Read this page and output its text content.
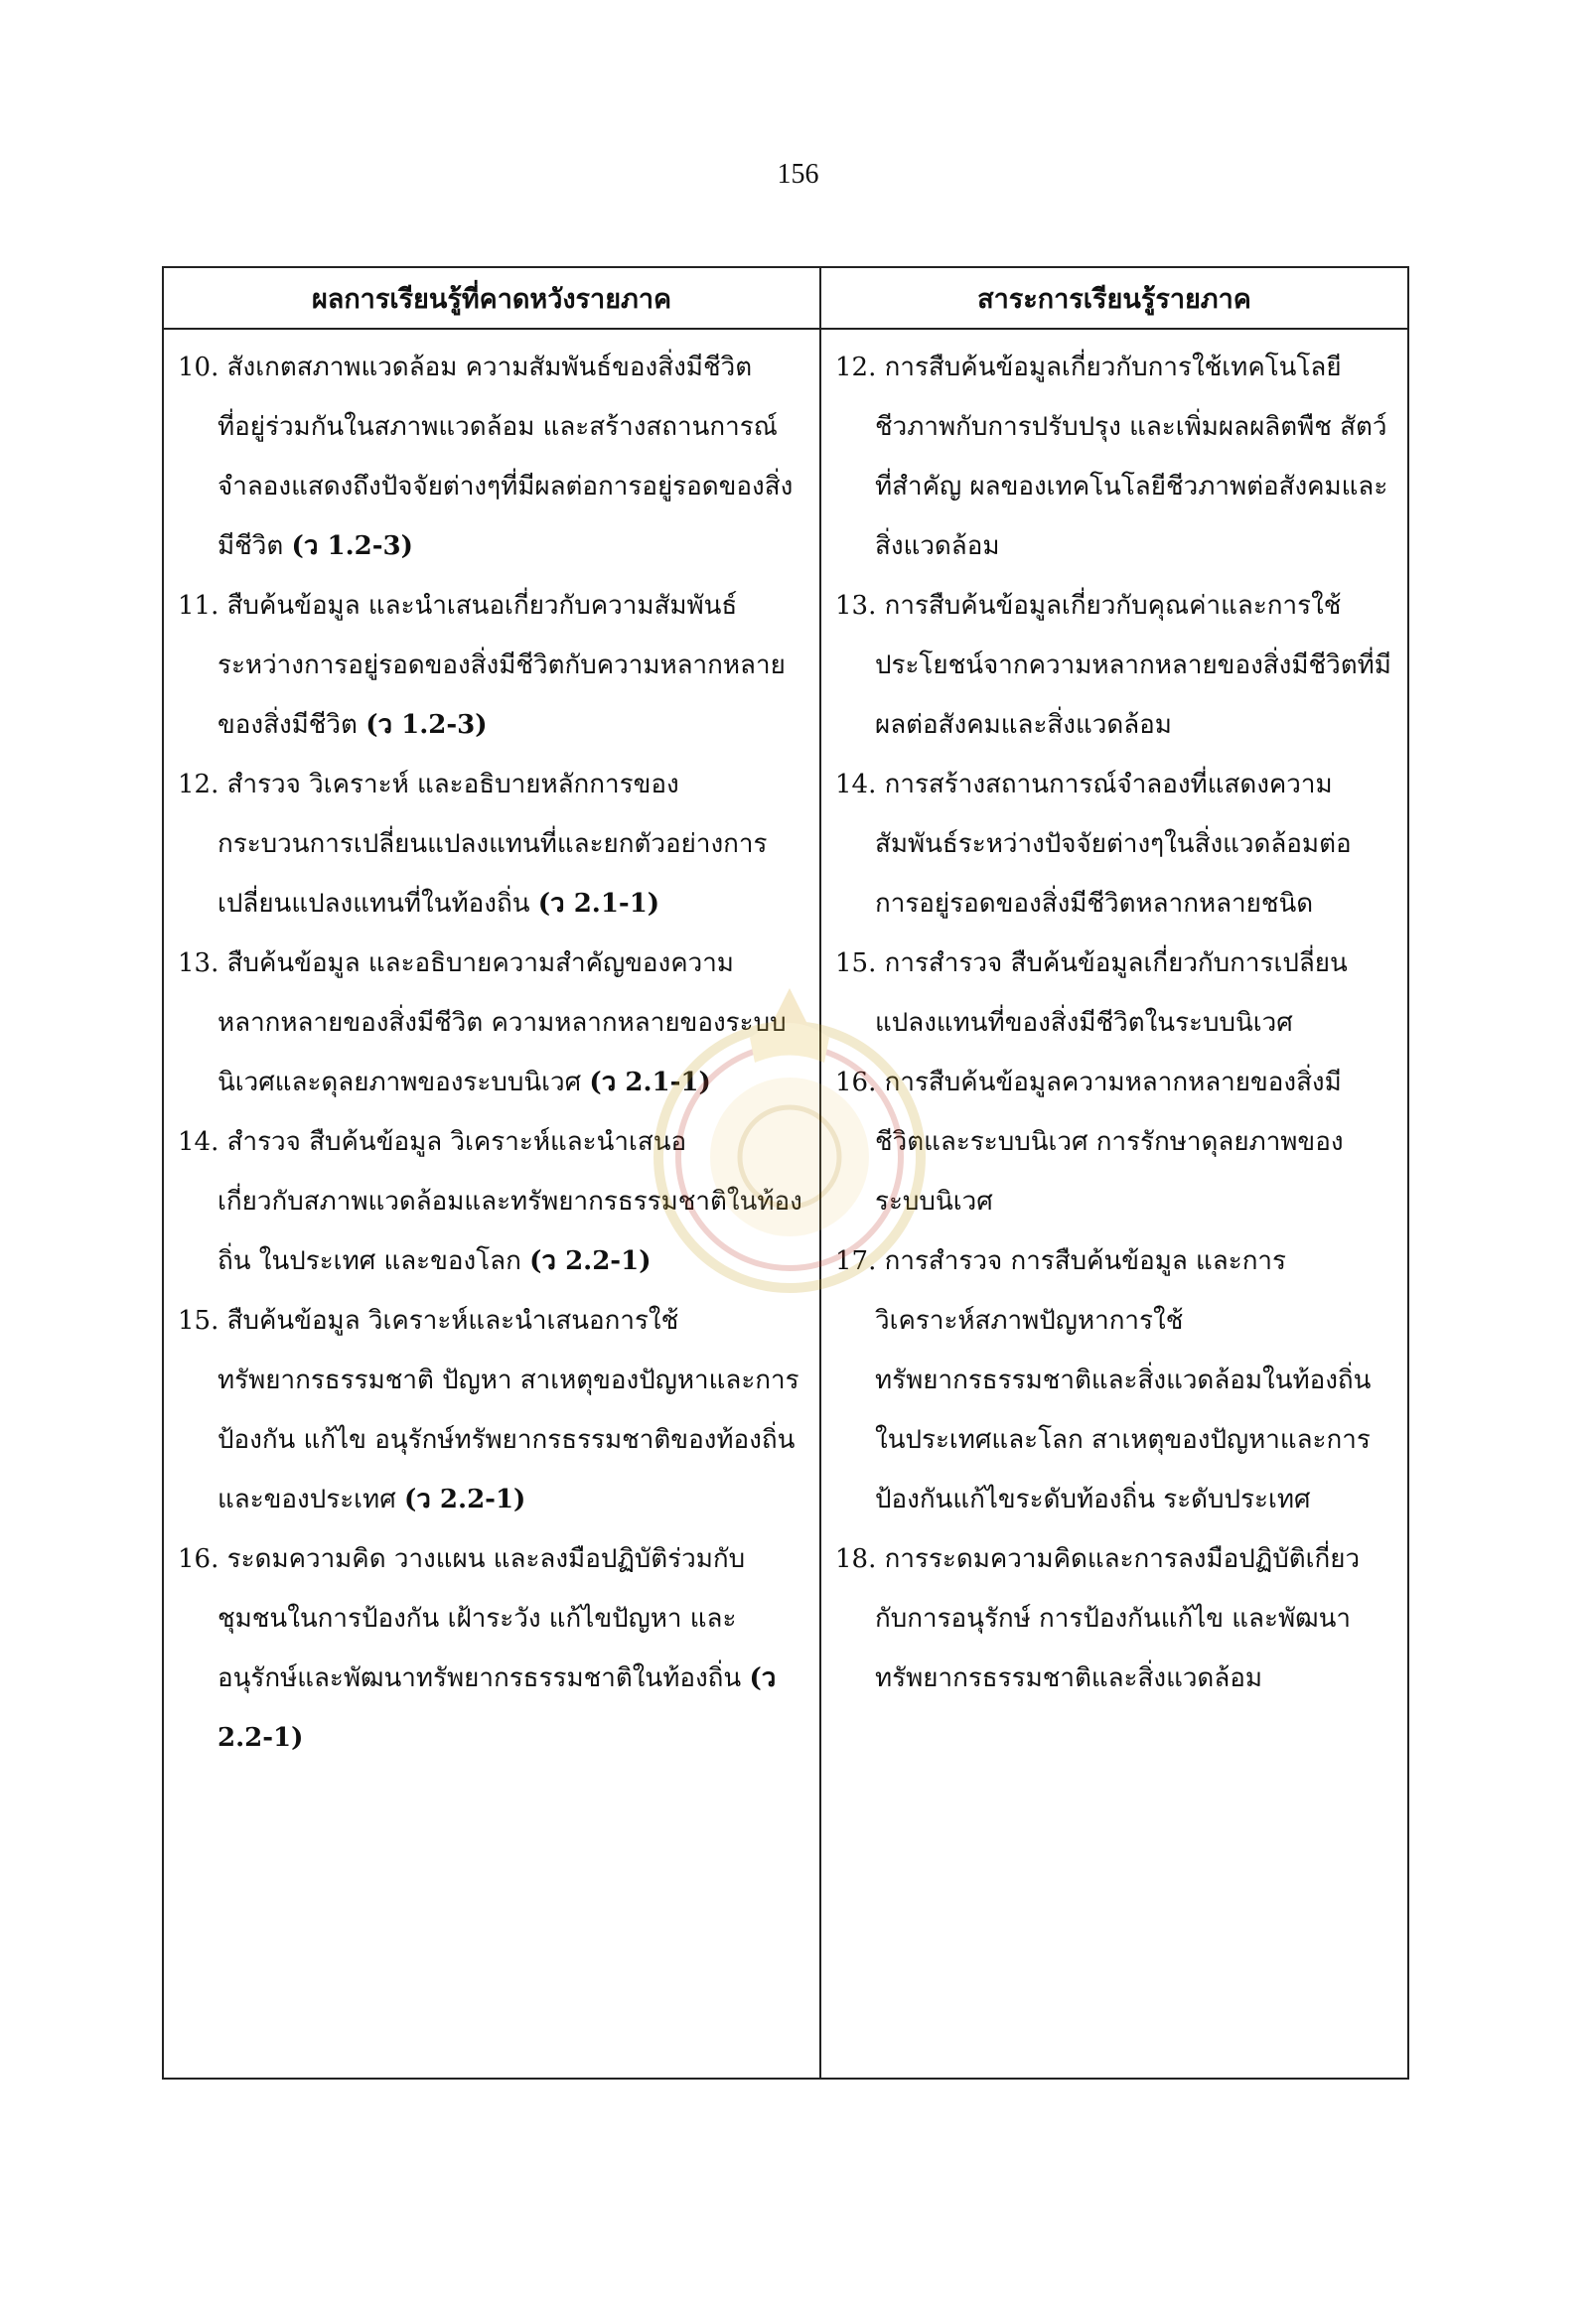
156
ผลการเรียนรู้ที่คาดหวังรายภาค	สาระการเรียนรู้รายภาค

10. สังเกตสภาพแวดล้อม ความสัมพันธ์ของสิ่งมีชีวิต
ที่อยู่ร่วมกันในสภาพแวดล้อม และสร้างสถานการณ์จำลองแสดงถึงปัจจัยต่างๆที่มีผลต่อการอยู่รอดของสิ่งมีชีวิต (ว 1.2-3)

11. สืบค้นข้อมูล และนำเสนอเกี่ยวกับความสัมพันธ์
ระหว่างการอยู่รอดของสิ่งมีชีวิตกับความหลากหลายของสิ่งมีชีวิต (ว 1.2-3)

12. สำรวจ วิเคราะห์ และอธิบายหลักการของ
กระบวนการเปลี่ยนแปลงแทนที่และยกตัวอย่างการเปลี่ยนแปลงแทนที่ในท้องถิ่น (ว 2.1-1)

13. สืบค้นข้อมูล และอธิบายความสำคัญของความ
หลากหลายของสิ่งมีชีวิต ความหลากหลายของระบบนิเวศและดุลยภาพของระบบนิเวศ (ว 2.1-1)

14. สำรวจ สืบค้นข้อมูล วิเคราะห์และนำเสนอ
เกี่ยวกับสภาพแวดล้อมและทรัพยากรธรรมชาติในท้องถิ่น ในประเทศ และของโลก (ว 2.2-1)

15. สืบค้นข้อมูล วิเคราะห์และนำเสนอการใช้
ทรัพยากรธรรมชาติ ปัญหา สาเหตุของปัญหาและการป้องกัน แก้ไข อนุรักษ์ทรัพยากรธรรมชาติของท้องถิ่น และของประเทศ (ว 2.2-1)

16. ระดมความคิด วางแผน และลงมือปฏิบัติร่วมกับ
ชุมชนในการป้องกัน เฝ้าระวัง แก้ไขปัญหา และอนุรักษ์และพัฒนาทรัพยากรธรรมชาติในท้องถิ่น (ว 2.2-1)

12. การสืบค้นข้อมูลเกี่ยวกับการใช้เทคโนโลยี
ชีวภาพกับการปรับปรุง และเพิ่มผลผลิตพืช สัตว์ที่สำคัญ ผลของเทคโนโลยีชีวภาพต่อสังคมและสิ่งแวดล้อม

13. การสืบค้นข้อมูลเกี่ยวกับคุณค่าและการใช้
ประโยชน์จากความหลากหลายของสิ่งมีชีวิตที่มีผลต่อสังคมและสิ่งแวดล้อม

14. การสร้างสถานการณ์จำลองที่แสดงความ
สัมพันธ์ระหว่างปัจจัยต่างๆในสิ่งแวดล้อมต่อการอยู่รอดของสิ่งมีชีวิตหลากหลายชนิด

15. การสำรวจ สืบค้นข้อมูลเกี่ยวกับการเปลี่ยน
แปลงแทนที่ของสิ่งมีชีวิตในระบบนิเวศ

16. การสืบค้นข้อมูลความหลากหลายของสิ่งมี
ชีวิตและระบบนิเวศ การรักษาดุลยภาพของระบบนิเวศ

17. การสำรวจ การสืบค้นข้อมูล และการ
วิเคราะห์สภาพปัญหาการใช้ทรัพยากรธรรมชาติและสิ่งแวดล้อมในท้องถิ่นในประเทศและโลก สาเหตุของปัญหาและการป้องกันแก้ไขระดับท้องถิ่น ระดับประเทศ

18. การระดมความคิดและการลงมือปฏิบัติเกี่ยว
กับการอนุรักษ์ การป้องกันแก้ไข และพัฒนาทรัพยากรธรรมชาติและสิ่งแวดล้อม
